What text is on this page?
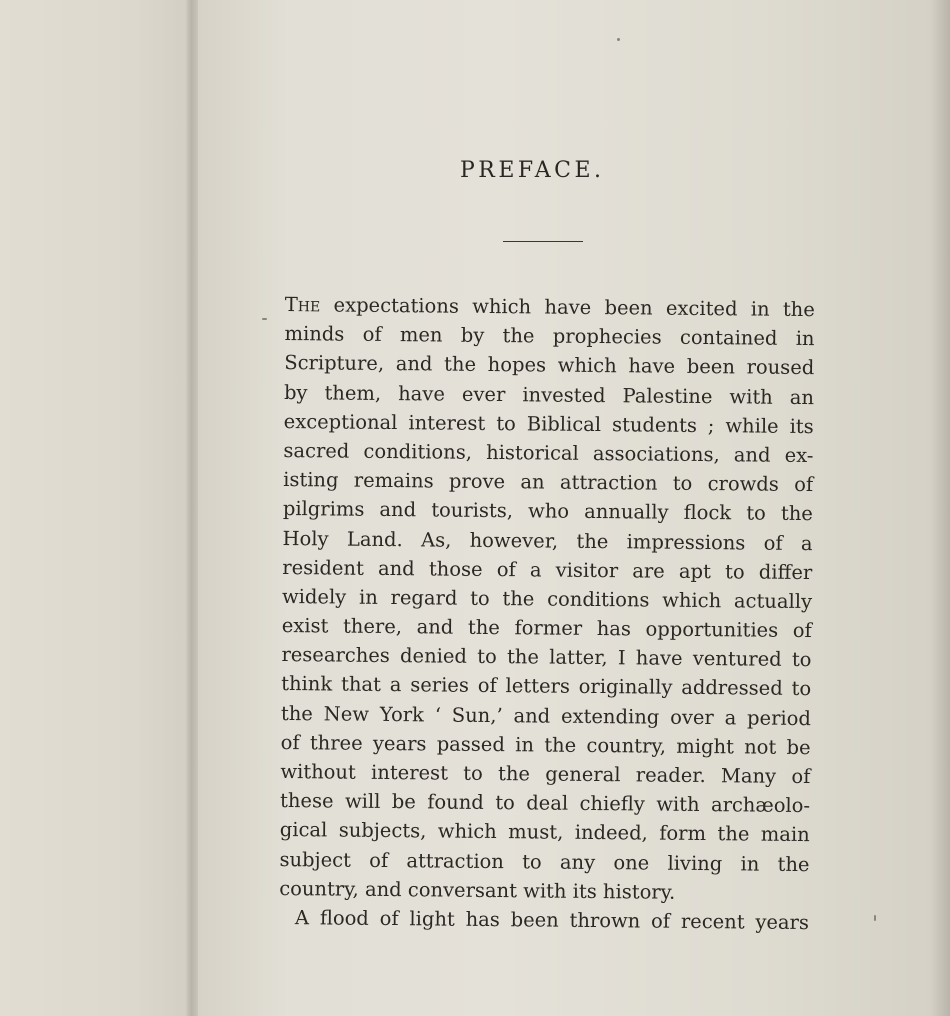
PREFACE.
The expectations which have been excited in the
minds of men by the prophecies contained in
Scripture, and the hopes which have been roused
by them, have ever invested Palestine with an
exceptional interest to Biblical students ; while its
sacred conditions, historical associations, and ex-
isting remains prove an attraction to crowds of
pilgrims and tourists, who annually flock to the
Holy Land. As, however, the impressions of a
resident and those of a visitor are apt to differ
widely in regard to the conditions which actually
exist there, and the former has opportunities of
researches denied to the latter, I have ventured to
think that a series of letters originally addressed to
the New York ‘ Sun,’ and extending over a period
of three years passed in the country, might not be
without interest to the general reader. Many of
these will be found to deal chiefly with archæolo-
gical subjects, which must, indeed, form the main
subject of attraction to any one living in the
country, and conversant with its history.
A flood of light has been thrown of recent years
